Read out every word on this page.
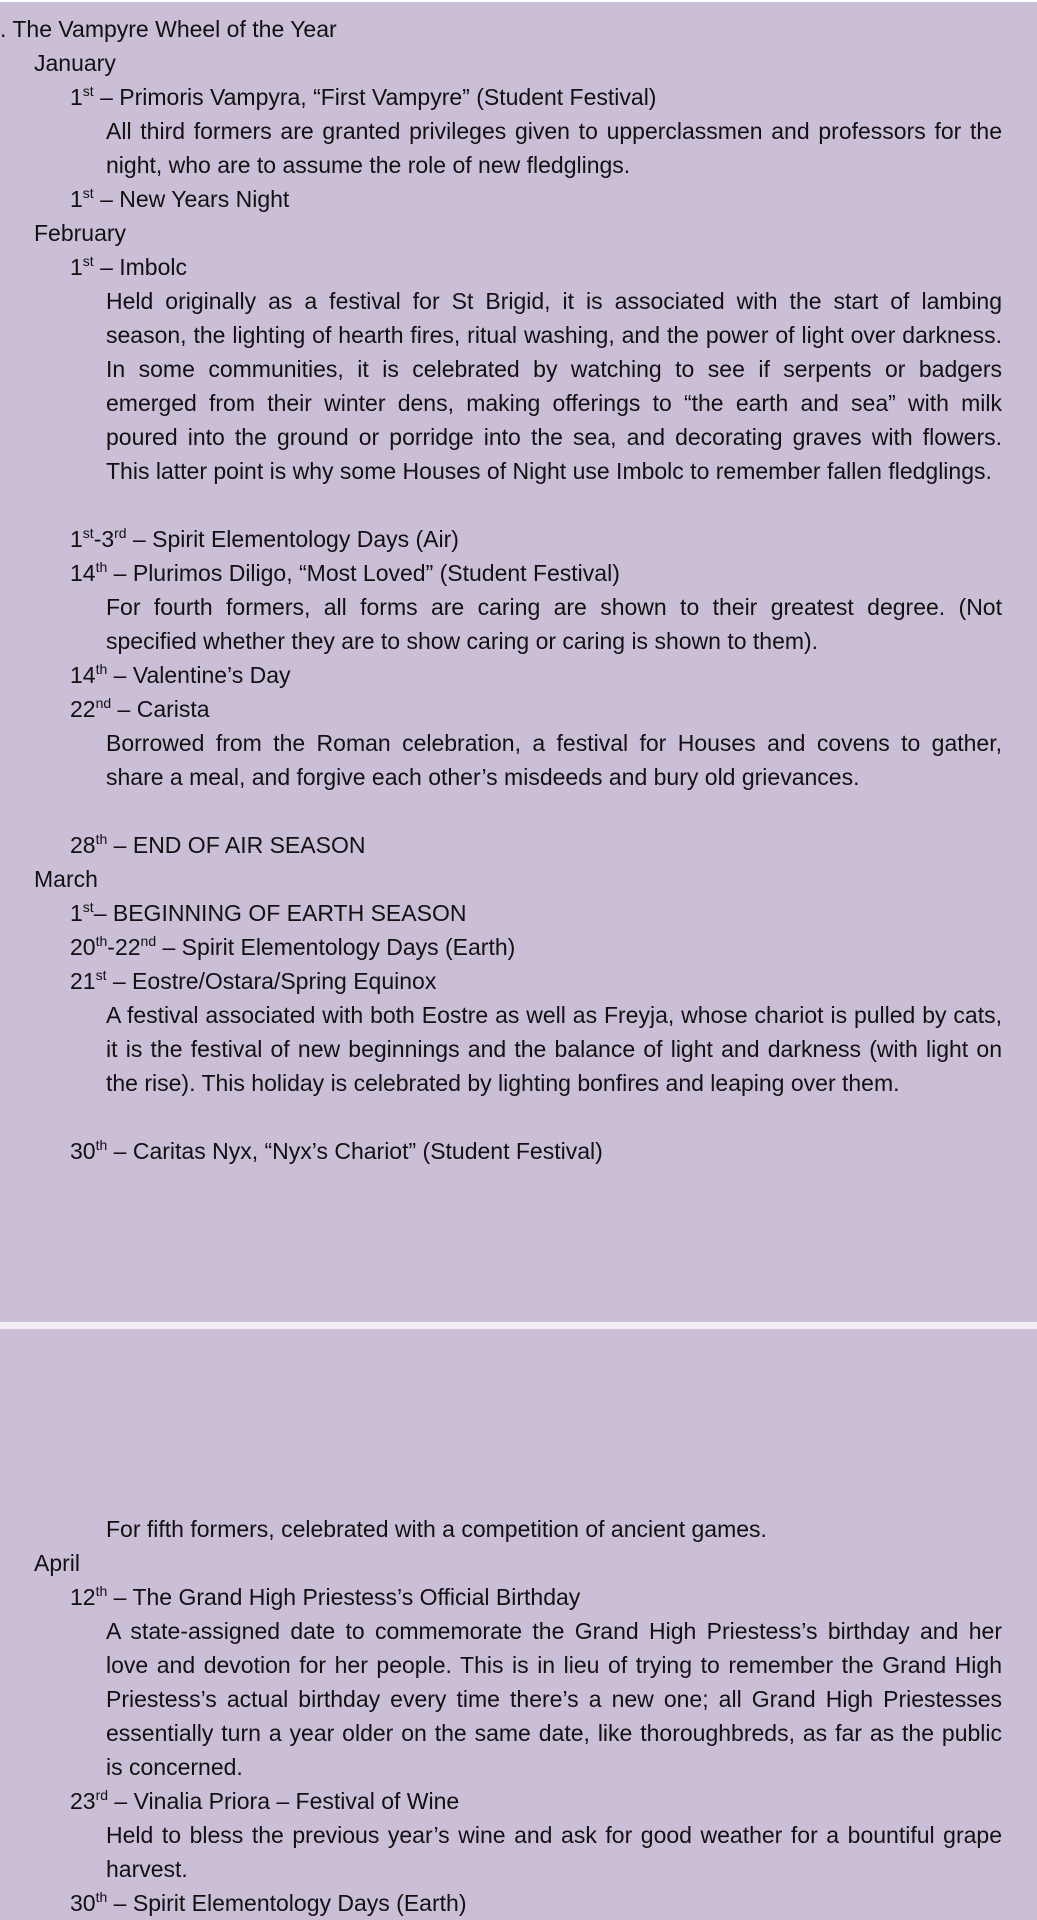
. The Vampyre Wheel of the Year
January
1st – Primoris Vampyra, “First Vampyre” (Student Festival)
All third formers are granted privileges given to upperclassmen and professors for the night, who are to assume the role of new fledglings.
1st – New Years Night
February
1st – Imbolc
Held originally as a festival for St Brigid, it is associated with the start of lambing season, the lighting of hearth fires, ritual washing, and the power of light over darkness. In some communities, it is celebrated by watching to see if serpents or badgers emerged from their winter dens, making offerings to “the earth and sea” with milk poured into the ground or porridge into the sea, and decorating graves with flowers. This latter point is why some Houses of Night use Imbolc to remember fallen fledglings.
1st-3rd – Spirit Elementology Days (Air)
14th – Plurimos Diligo, “Most Loved” (Student Festival)
For fourth formers, all forms are caring are shown to their greatest degree. (Not specified whether they are to show caring or caring is shown to them).
14th – Valentine’s Day
22nd – Carista
Borrowed from the Roman celebration, a festival for Houses and covens to gather, share a meal, and forgive each other’s misdeeds and bury old grievances.
28th – END OF AIR SEASON
March
1st– BEGINNING OF EARTH SEASON
20th-22nd – Spirit Elementology Days (Earth)
21st – Eostre/Ostara/Spring Equinox
A festival associated with both Eostre as well as Freyja, whose chariot is pulled by cats, it is the festival of new beginnings and the balance of light and darkness (with light on the rise). This holiday is celebrated by lighting bonfires and leaping over them.
30th – Caritas Nyx, “Nyx’s Chariot” (Student Festival)
For fifth formers, celebrated with a competition of ancient games.
April
12th – The Grand High Priestess’s Official Birthday
A state-assigned date to commemorate the Grand High Priestess’s birthday and her love and devotion for her people. This is in lieu of trying to remember the Grand High Priestess’s actual birthday every time there’s a new one; all Grand High Priestesses essentially turn a year older on the same date, like thoroughbreds, as far as the public is concerned.
23rd – Vinalia Priora – Festival of Wine
Held to bless the previous year’s wine and ask for good weather for a bountiful grape harvest.
30th – Spirit Elementology Days (Earth)
